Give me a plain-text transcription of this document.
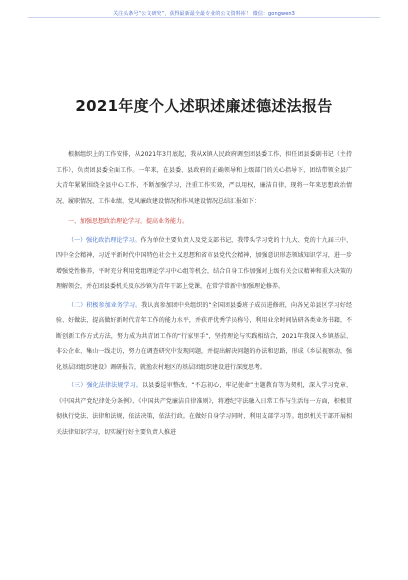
关注头条号“公文研究”，获得最新最全最专业的公文资料库！ 微信：gongwen3
2021年度个人述职述廉述德述法报告

根据组织上的工作安排，从2021年3月底起，我从X镇人民政府调至团县委工作，担任团县委副书记（主持工作），负责团县委全面工作。一年来，在县委、县政府的正确领导和上级部门的关心指导下，团结带领全县广大青年紧紧围绕全县中心工作，不断加强学习，注重工作实效，严以用权，廉洁自律，现将一年来思想政治情况、履职情况、工作业绩、党风廉政建设情况和作风建设情况总结汇报如下：

一、加强思想政治理论学习，提高业务能力。

（一）强化政治理论学习。作为单位主要负责人及党支部书记，我带头学习党的十九大、党的十九届三中、四中全会精神，习近平新时代中国特色社会主义思想和省市县党代会精神，加强意识形态领域知识学习，进一步增强党性修养，平时充分利用党组理论学习中心组等机会，结合自身工作加强对上级有关会议精神和重大决策的理解领会，并在团县委机关及东沙镇为青年干部上党课，在常学常新中加强理论修养。

（二）积极参加业务学习。我认真参加团中央组织的“全国团县委班子成员进修班，向各兄弟县区学习好经验、好做法，提高做好新时代青年工作的能力水平，并获评优秀学员称号，利用业余时间钻研各类业务书籍，不断创新工作方式方法，努力成为共青团工作的“行家里手”，坚持理论与实践相结合，2021年我深入乡镇基层、非公企业、集山一线走访，努力在调查研究中发现问题，并提出解决问题的办法和思路，形成《乡层视察动，强化基层团组织建设》调研报告，就渔农村地区的基层团组织建设进行深度思考。

（三）强化法律法规学习。以县委巡审整改、“不忘初心，牢记使命”主题教育等为契机，深入学习党章、《中国共产党纪律处分条例》、《中国共产党廉洁自律准则》，将遵纪守法融入日常工作与生活每一方面，积极贯彻执行党法、法律和法规，依法决策，依法行政。在做好自身学习同时，利用支部学习等。组织机关干部开展相关法律知识学习，切实履行好主要负责人推进
